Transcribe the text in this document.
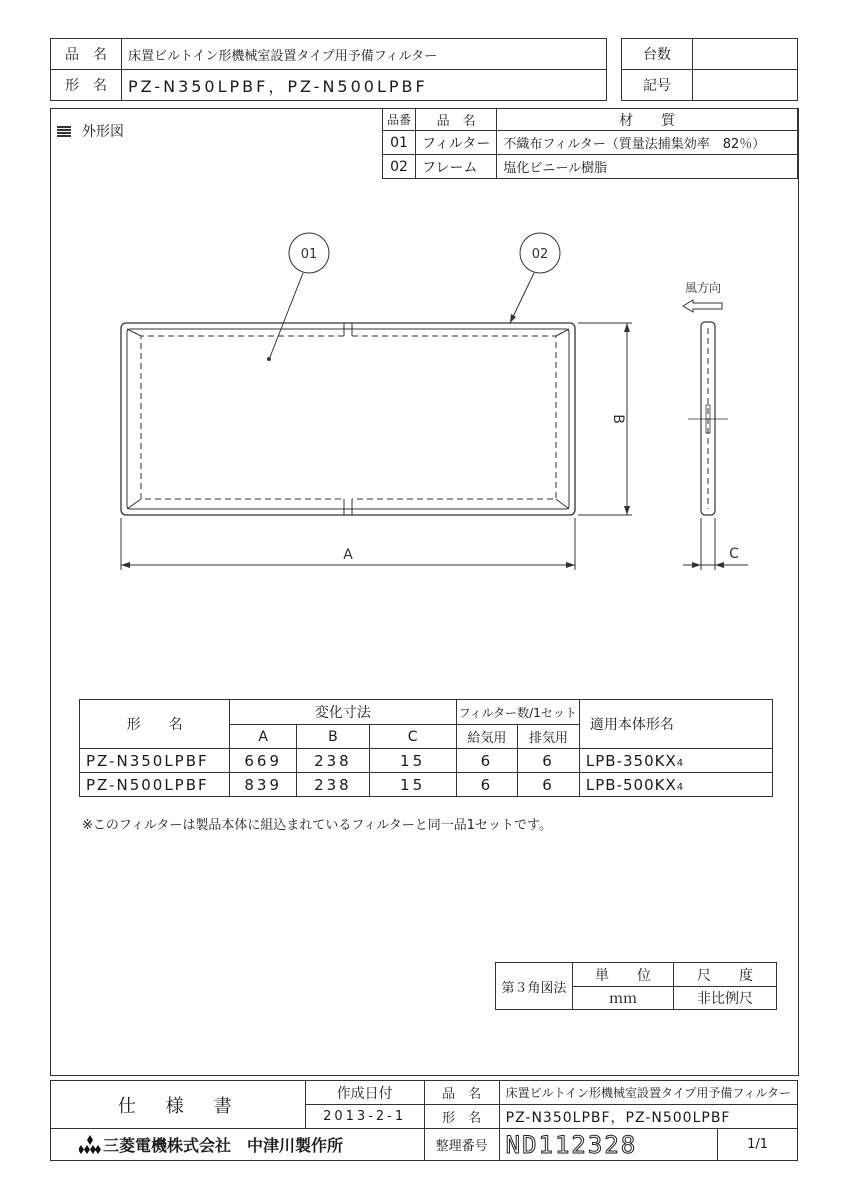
品　名	床置ビルトイン形機械室設置タイプ用予備フィルター
形　名	PZ-N350LPBF，PZ-N500LPBF
台数	
記号	
外形図
品番	品　名	材　　質
01	フィルター	不織布フィルター（質量法捕集効率　82％）
02	フレーム	塩化ビニール樹脂
01	02
A
B
風方向
C
形　　名	変化寸法			フィルター数/1セット		適用本体形名
	A	B	C	給気用	排気用	
PZ-N350LPBF	669	238	15	6	6	LPB-350KX4
PZ-N500LPBF	839	238	15	6	6	LPB-500KX4
※このフィルターは製品本体に組込まれているフィルターと同一品1セットです。
第３角図法	単　　位	尺　　度
	ｍｍ	非比例尺
仕　様　書	作成日付	品　名	床置ビルトイン形機械室設置タイプ用予備フィルター	
	2013-2-1	形　名	PZ-N350LPBF，PZ-N500LPBF	
三菱電機株式会社　中津川製作所		整理番号	ND112328	1/1
